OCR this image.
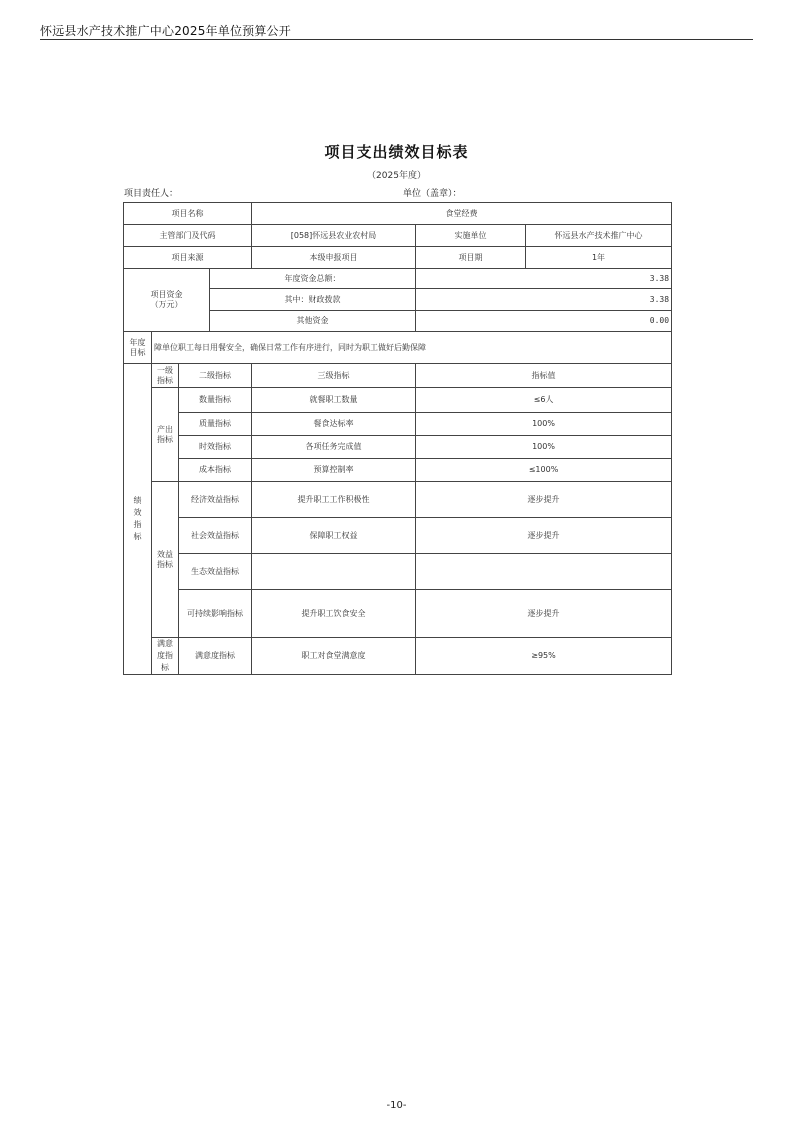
怀远县水产技术推广中心2025年单位预算公开
项目支出绩效目标表
（2025年度）
项目责任人：	单位（盖章）：
项目名称				食堂经费		
主管部门及代码				[058]怀远县农业农村局	实施单位	怀远县水产技术推广中心
项目来源				本级申报项目	项目期	1年

项目资金
（万元）			年度资金总额：		3.38	
			其中：财政拨款		3.38	
			其他资金		0.00	

年度
目标	障单位职工每日用餐安全，确保日常工作有序进行，同时为职工做好后勤保障					

绩
效
指
标	一级指标	二级指标		三级指标	指标值	

	产出
指标	数量指标		就餐职工数量	≤6人	
		质量指标		餐食达标率	100%	
		时效指标		各项任务完成值	100%	
		成本指标		预算控制率	≤100%	

	效益
指标	经济效益指标		提升职工工作积极性	逐步提升	
		社会效益指标		保障职工权益	逐步提升	
		生态效益指标				
		可持续影响指标		提升职工饮食安全	逐步提升	

	满意
度指
标	满意度指标		职工对食堂满意度	≥95%	
-10-
